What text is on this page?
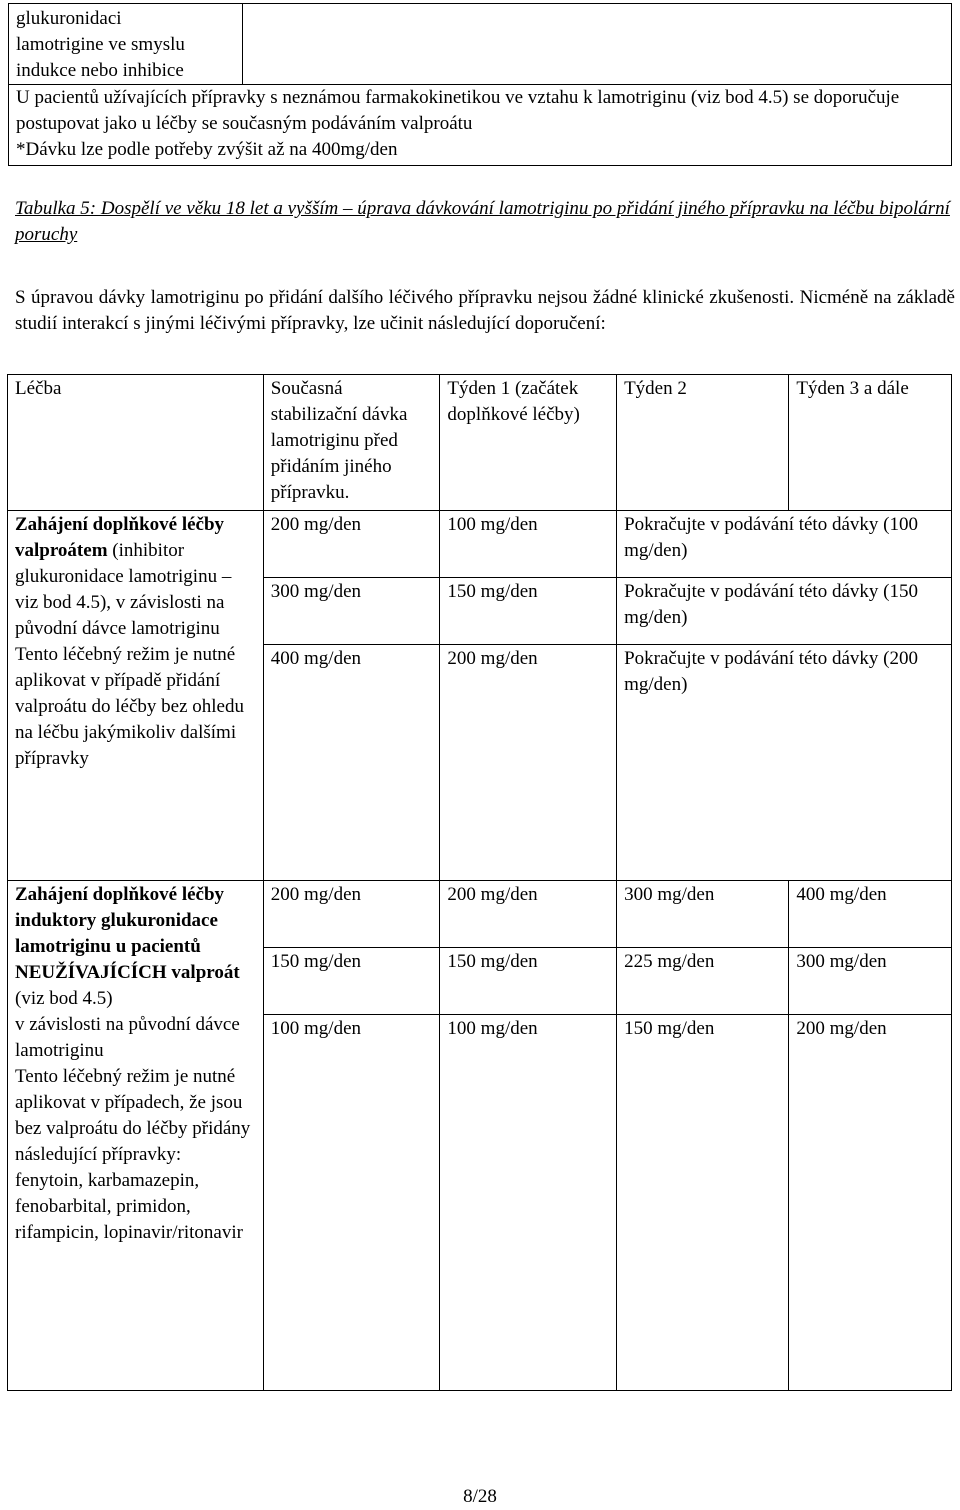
glukuronidaci
lamotrigine ve smyslu
indukce nebo inhibice	

U pacientů užívajících přípravky s neznámou farmakokinetikou ve vztahu k lamotriginu (viz bod 4.5) se doporučuje postupovat jako u léčby se současným podáváním valproátu
*Dávku lze podle potřeby zvýšit až na 400mg/den
Tabulka 5: Dospělí ve věku 18 let a vyšším – úprava dávkování lamotriginu po přidání jiného přípravku na léčbu bipolární poruchy
S úpravou dávky lamotriginu po přidání dalšího léčivého přípravku nejsou žádné klinické zkušenosti. Nicméně na základě studií interakcí s jinými léčivými přípravky, lze učinit následující doporučení:
Léčba	Současná stabilizační dávka lamotriginu před přidáním jiného přípravku.	Týden 1 (začátek doplňkové léčby)	Týden 2	Týden 3 a dále
Zahájení doplňkové léčby valproátem (inhibitor glukuronidace lamotriginu – viz bod 4.5), v závislosti na původní dávce lamotriginu
Tento léčebný režim je nutné aplikovat v případě přidání valproátu do léčby bez ohledu na léčbu jakýmikoliv dalšími přípravky	200 mg/den	100 mg/den	Pokračujte v podávání této dávky (100 mg/den)	
	300 mg/den	150 mg/den	Pokračujte v podávání této dávky (150 mg/den)	
	400 mg/den	200 mg/den	Pokračujte v podávání této dávky (200 mg/den)	
Zahájení doplňkové léčby
induktory glukuronidace lamotriginu u pacientů NEUŽÍVAJÍCÍCH valproát (viz bod 4.5)
v závislosti na původní dávce lamotriginu
Tento léčebný režim je nutné aplikovat v případech, že jsou bez valproátu do léčby přidány následující přípravky:
fenytoin, karbamazepin, fenobarbital, primidon, rifampicin, lopinavir/ritonavir	200 mg/den	200 mg/den	300 mg/den	400 mg/den
	150 mg/den	150 mg/den	225 mg/den	300 mg/den
	100 mg/den	100 mg/den	150 mg/den	200 mg/den
8/28
